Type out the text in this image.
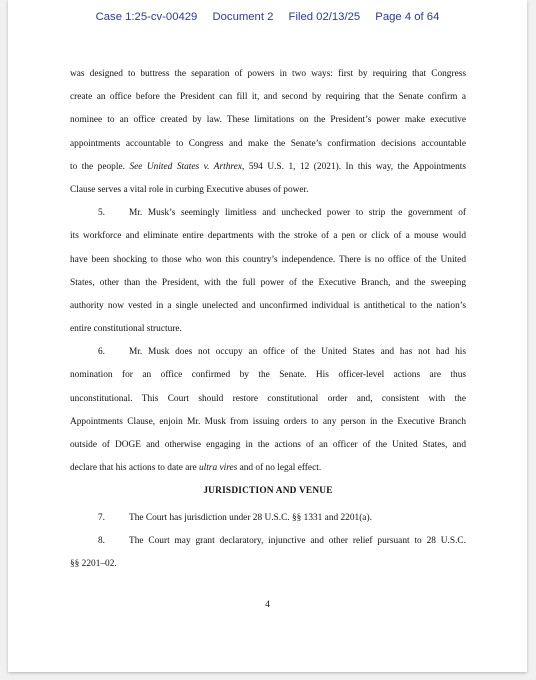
Case 1:25-cv-00429 Document 2 Filed 02/13/25 Page 4 of 64
was designed to buttress the separation of powers in two ways: first by requiring that Congress
create an office before the President can fill it, and second by requiring that the Senate confirm a
nominee to an office created by law. These limitations on the President’s power make executive
appointments accountable to Congress and make the Senate’s confirmation decisions accountable
to the people. See United States v. Arthrex, 594 U.S. 1, 12 (2021). In this way, the Appointments
Clause serves a vital role in curbing Executive abuses of power.
5.	Mr. Musk’s seemingly limitless and unchecked power to strip the government of
its workforce and eliminate entire departments with the stroke of a pen or click of a mouse would
have been shocking to those who won this country’s independence. There is no office of the United
States, other than the President, with the full power of the Executive Branch, and the sweeping
authority now vested in a single unelected and unconfirmed individual is antithetical to the nation’s
entire constitutional structure.
6.	Mr. Musk does not occupy an office of the United States and has not had his
nomination for an office confirmed by the Senate. His officer-level actions are thus
unconstitutional. This Court should restore constitutional order and, consistent with the
Appointments Clause, enjoin Mr. Musk from issuing orders to any person in the Executive Branch
outside of DOGE and otherwise engaging in the actions of an officer of the United States, and
declare that his actions to date are ultra vires and of no legal effect.
JURISDICTION AND VENUE
7.	The Court has jurisdiction under 28 U.S.C. §§ 1331 and 2201(a).
8.	The Court may grant declaratory, injunctive and other relief pursuant to 28 U.S.C.
§§ 2201–02.
4
